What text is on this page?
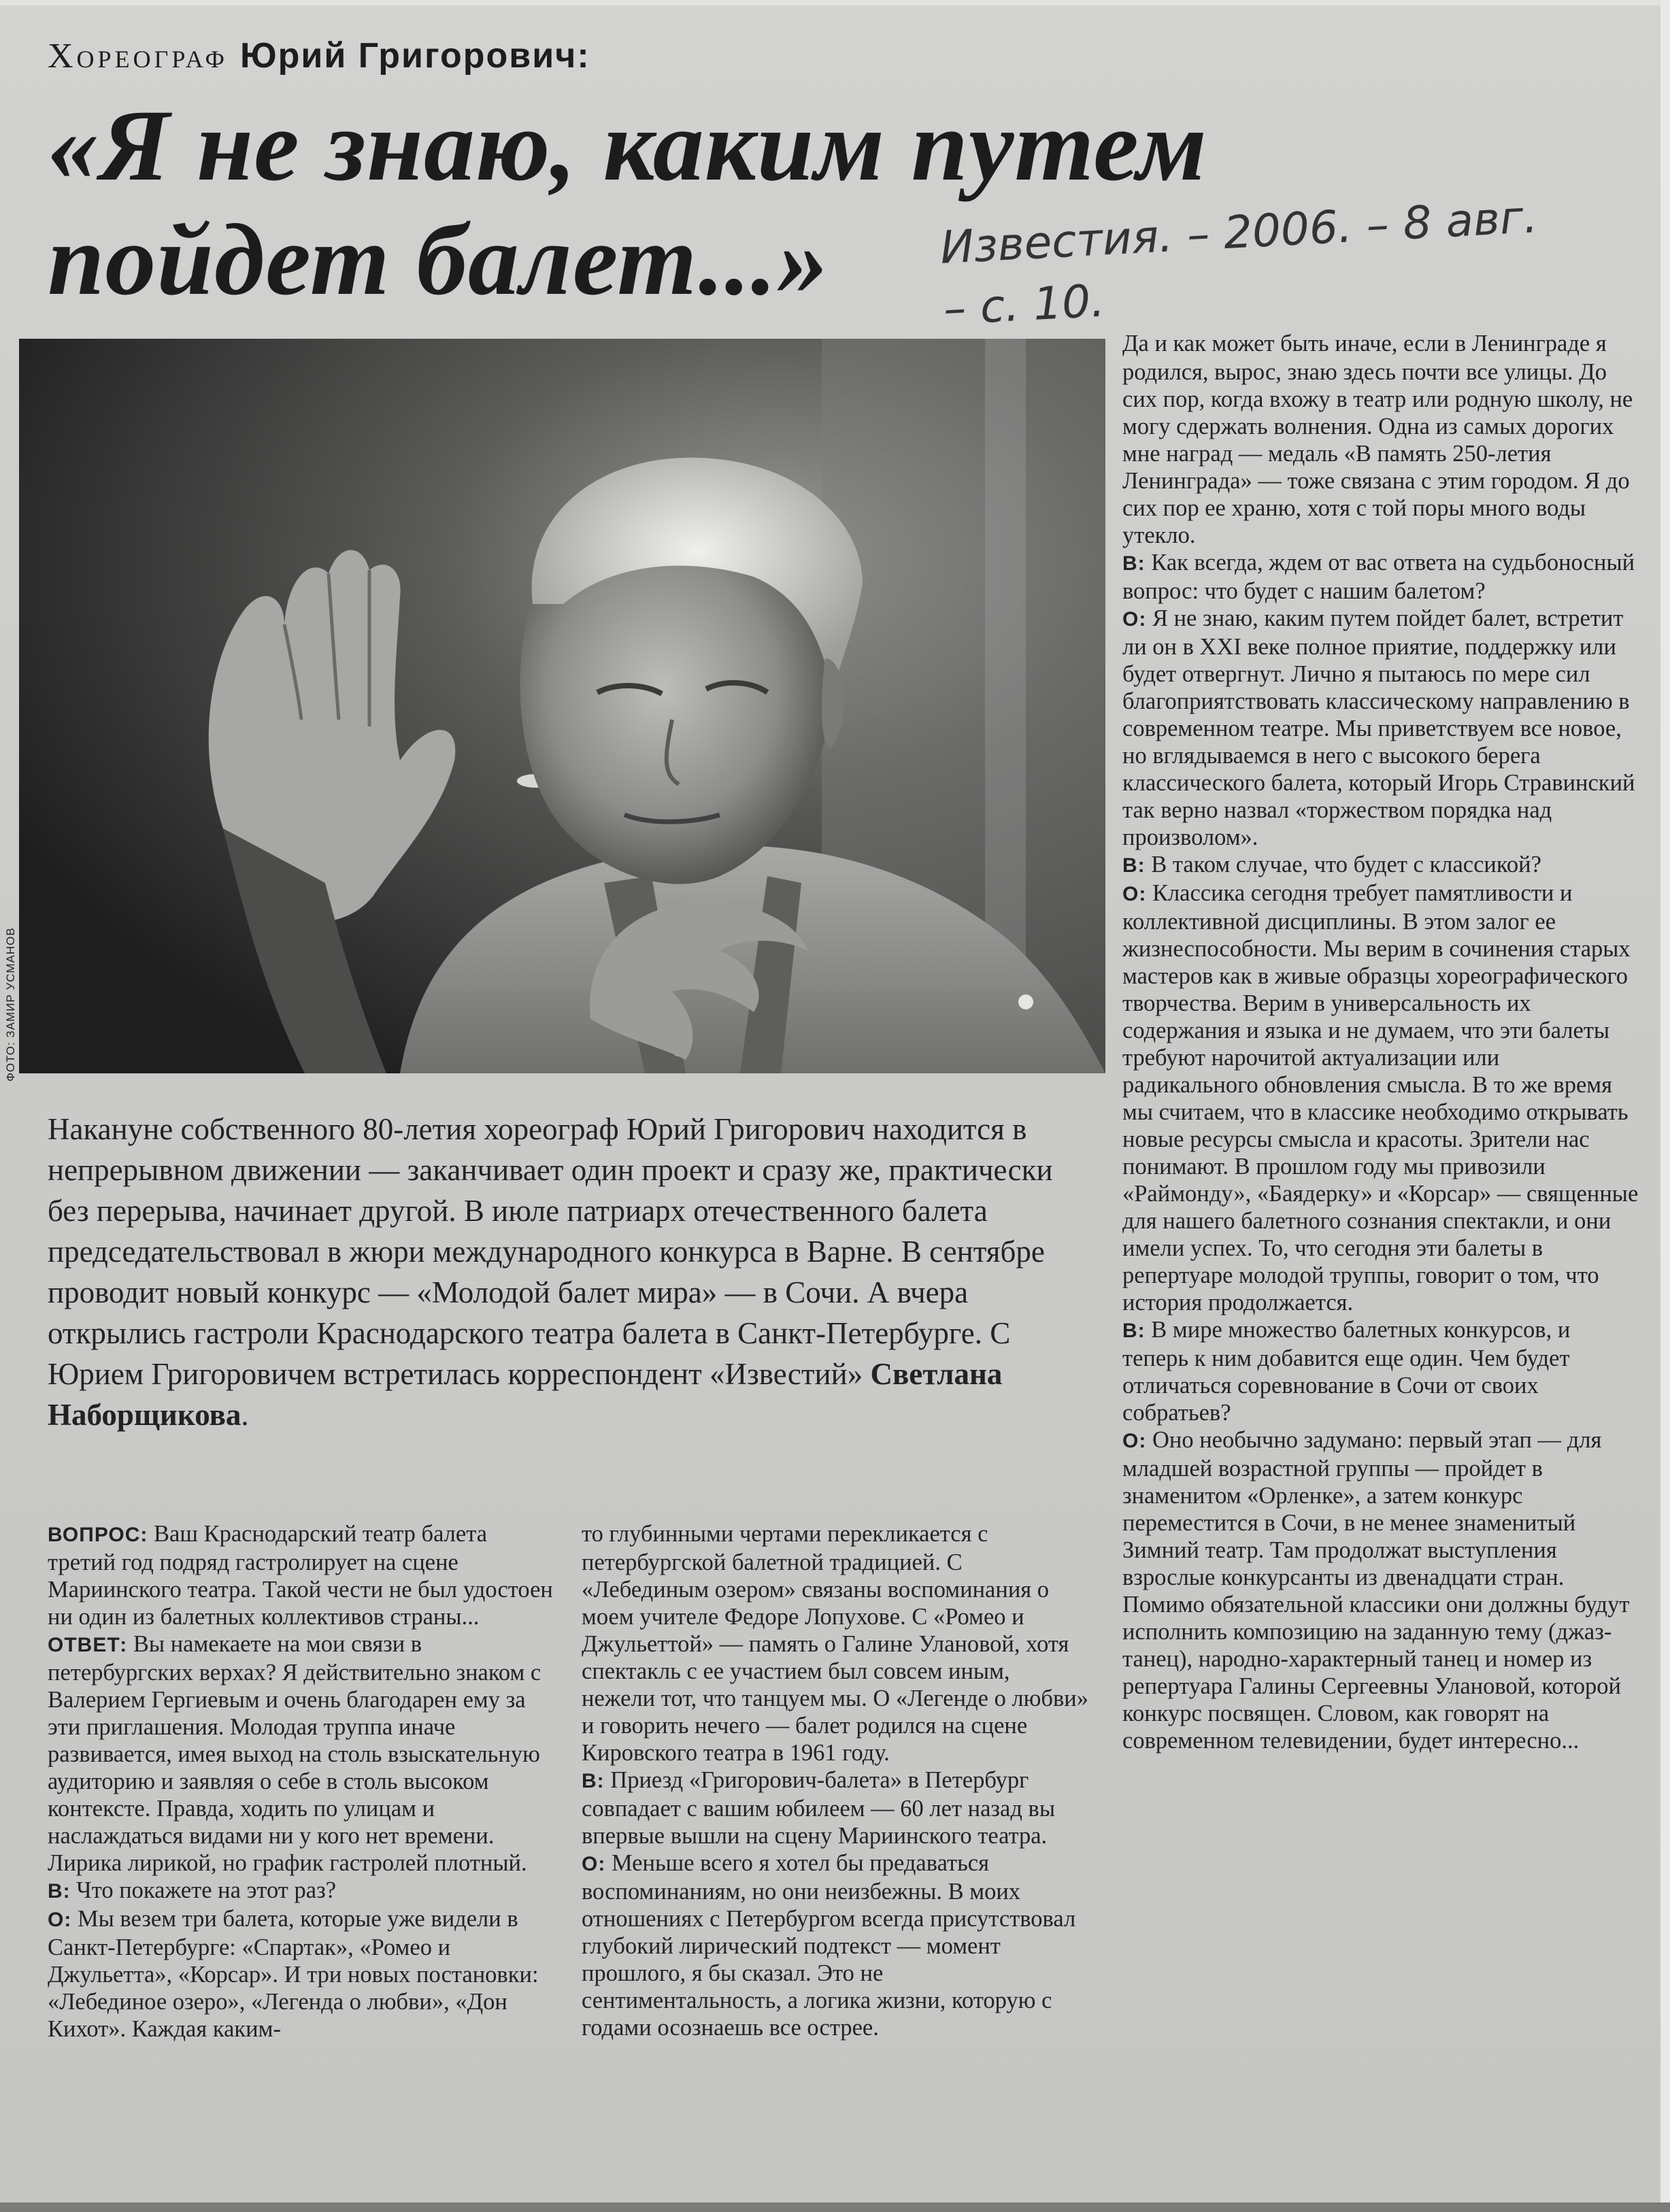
Хореограф Юрий Григорович:
«Я не знаю, каким путем пойдет балет...»	Известия. – 2006. – 8 авг.
– с. 10.
ФОТО: ЗАМИР УСМАНОВ

Накануне собственного 80-летия хореограф Юрий Григорович находится в непрерывном движении — заканчивает один проект и сразу же, практически без перерыва, начинает другой. В июле патриарх отечественного балета председательствовал в жюри международного конкурса в Варне. В сентябре проводит новый конкурс — «Молодой балет мира» — в Сочи. А вчера открылись гастроли Краснодарского театра балета в Санкт-Петербурге. С Юрием Григоровичем встретилась корреспондент «Известий» Светлана Наборщикова.

ВОПРОС: Ваш Краснодарский театр балета третий год подряд гастролирует на сцене Мариинского театра. Такой чести не был удостоен ни один из балетных коллективов страны...

ОТВЕТ: Вы намекаете на мои связи в петербургских верхах? Я действительно знаком с Валерием Гергиевым и очень благодарен ему за эти приглашения. Молодая труппа иначе развивается, имея выход на столь взыскательную аудиторию и заявляя о себе в столь высоком контексте. Правда, ходить по улицам и наслаждаться видами ни у кого нет времени. Лирика лирикой, но график гастролей плотный.

В: Что покажете на этот раз?

О: Мы везем три балета, которые уже видели в Санкт-Петербурге: «Спартак», «Ромео и Джульетта», «Корсар». И три новых постановки: «Лебединое озеро», «Легенда о любви», «Дон Кихот». Каждая каким-

то глубинными чертами перекликается с петербургской балетной традицией. С «Лебединым озером» связаны воспоминания о моем учителе Федоре Лопухове. С «Ромео и Джульеттой» — память о Галине Улановой, хотя спектакль с ее участием был совсем иным, нежели тот, что танцуем мы. О «Легенде о любви» и говорить нечего — балет родился на сцене Кировского театра в 1961 году.

В: Приезд «Григорович-балета» в Петербург совпадает с вашим юбилеем — 60 лет назад вы впервые вышли на сцену Мариинского театра.

О: Меньше всего я хотел бы предаваться воспоминаниям, но они неизбежны. В моих отношениях с Петербургом всегда присутствовал глубокий лирический подтекст — момент прошлого, я бы сказал. Это не сентиментальность, а логика жизни, которую с годами осознаешь все острее.

Да и как может быть иначе, если в Ленинграде я родился, вырос, знаю здесь почти все улицы. До сих пор, когда вхожу в театр или родную школу, не могу сдержать волнения. Одна из самых дорогих мне наград — медаль «В память 250-летия Ленинграда» — тоже связана с этим городом. Я до сих пор ее храню, хотя с той поры много воды утекло.

В: Как всегда, ждем от вас ответа на судьбоносный вопрос: что будет с нашим балетом?

О: Я не знаю, каким путем пойдет балет, встретит ли он в XXI веке полное приятие, поддержку или будет отвергнут. Лично я пытаюсь по мере сил благоприятствовать классическому направлению в современном театре. Мы приветствуем все новое, но вглядываемся в него с высокого берега классического балета, который Игорь Стравинский так верно назвал «торжеством порядка над произволом».

В: В таком случае, что будет с классикой?

О: Классика сегодня требует памятливости и коллективной дисциплины. В этом залог ее жизнеспособности. Мы верим в сочинения старых мастеров как в живые образцы хореографического творчества. Верим в универсальность их содержания и языка и не думаем, что эти балеты требуют нарочитой актуализации или радикального обновления смысла. В то же время мы считаем, что в классике необходимо открывать новые ресурсы смысла и красоты. Зрители нас понимают. В прошлом году мы привозили «Раймонду», «Баядерку» и «Корсар» — священные для нашего балетного сознания спектакли, и они имели успех. То, что сегодня эти балеты в репертуаре молодой труппы, говорит о том, что история продолжается.

В: В мире множество балетных конкурсов, и теперь к ним добавится еще один. Чем будет отличаться соревнование в Сочи от своих собратьев?

О: Оно необычно задумано: первый этап — для младшей возрастной группы — пройдет в знаменитом «Орленке», а затем конкурс переместится в Сочи, в не менее знаменитый Зимний театр. Там продолжат выступления взрослые конкурсанты из двенадцати стран. Помимо обязательной классики они должны будут исполнить композицию на заданную тему (джаз-танец), народно-характерный танец и номер из репертуара Галины Сергеевны Улановой, которой конкурс посвящен. Словом, как говорят на современном телевидении, будет интересно...
